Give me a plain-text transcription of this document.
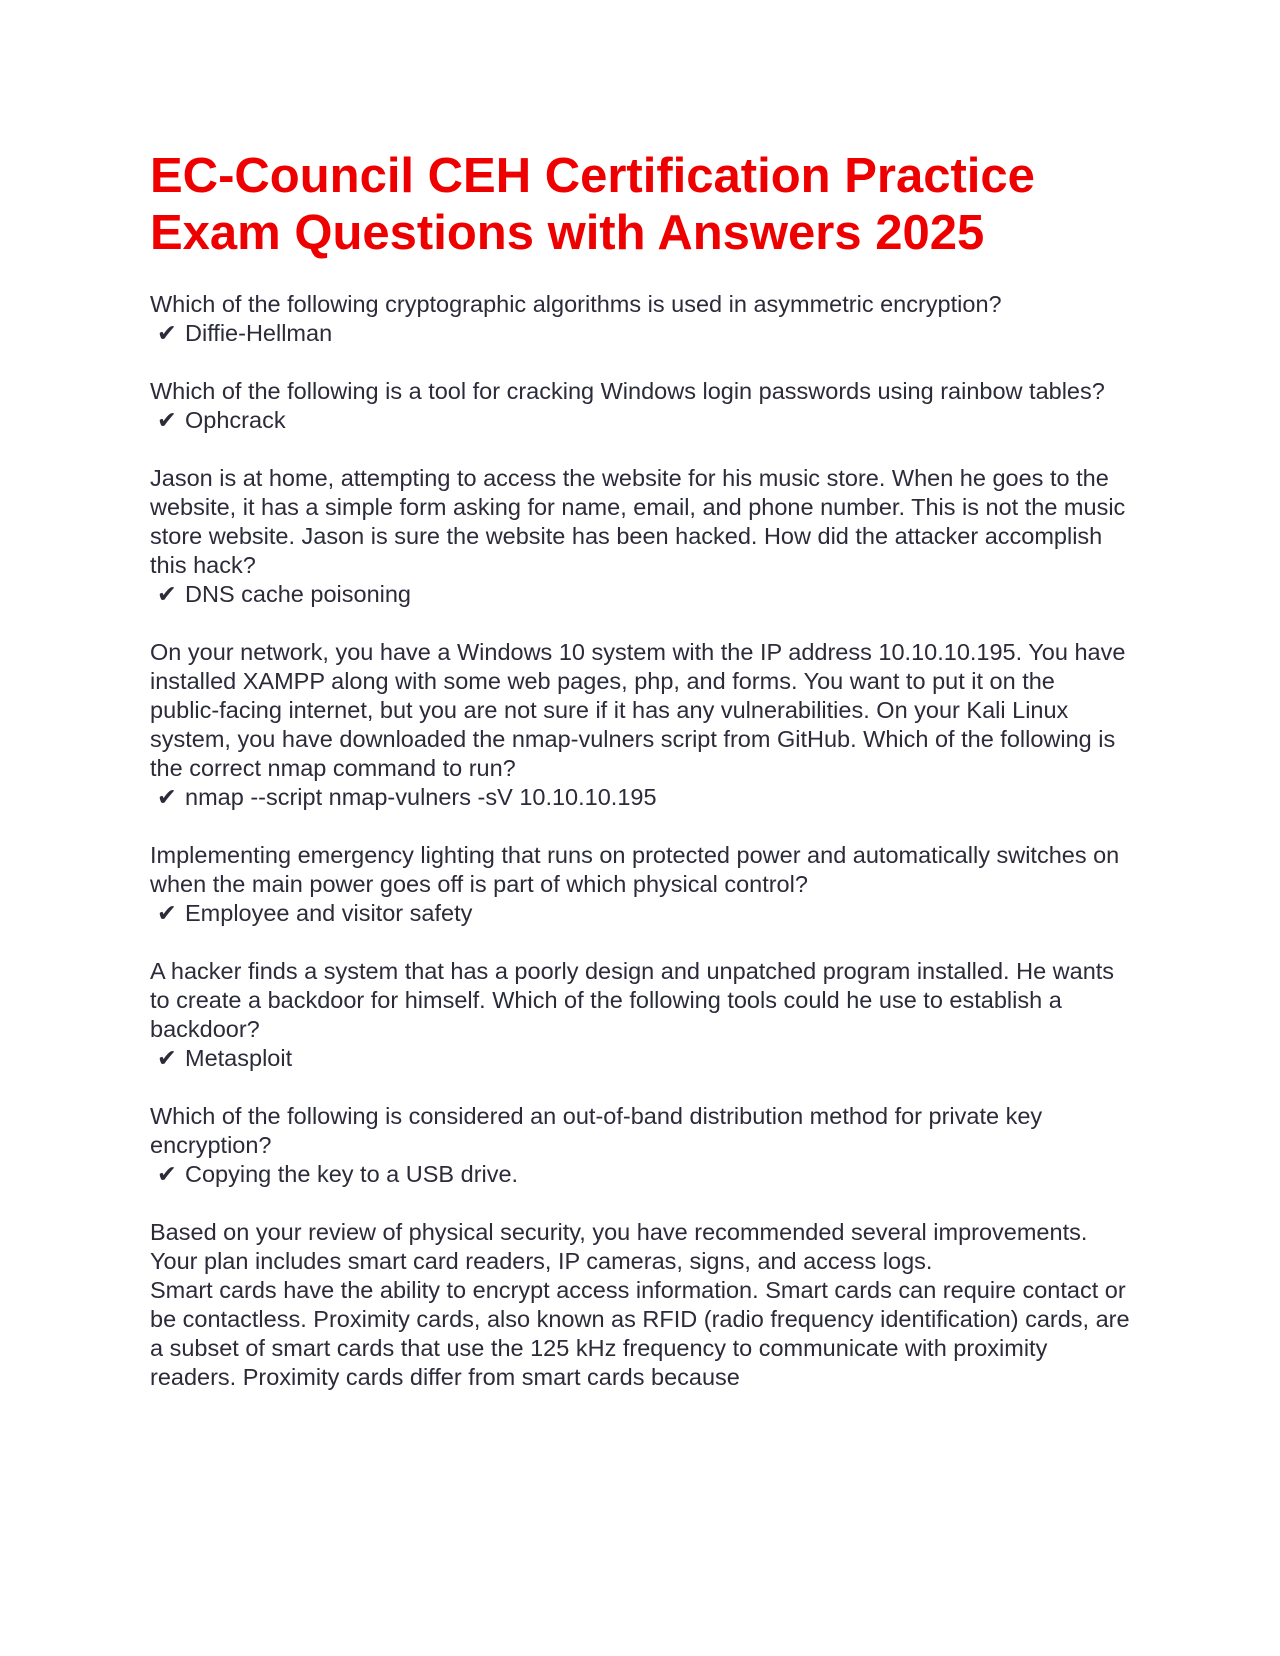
EC-Council CEH Certification Practice Exam Questions with Answers 2025

Which of the following cryptographic algorithms is used in asymmetric encryption?

✔ Diffie-Hellman

Which of the following is a tool for cracking Windows login passwords using rainbow tables?

✔ Ophcrack

Jason is at home, attempting to access the website for his music store. When he goes to the website, it has a simple form asking for name, email, and phone number. This is not the music store website. Jason is sure the website has been hacked. How did the attacker accomplish this hack?

✔ DNS cache poisoning

On your network, you have a Windows 10 system with the IP address 10.10.10.195. You have installed XAMPP along with some web pages, php, and forms. You want to put it on the public-facing internet, but you are not sure if it has any vulnerabilities. On your Kali Linux system, you have downloaded the nmap-vulners script from GitHub. Which of the following is the correct nmap command to run?

✔ nmap --script nmap-vulners -sV 10.10.10.195

Implementing emergency lighting that runs on protected power and automatically switches on when the main power goes off is part of which physical control?

✔ Employee and visitor safety

A hacker finds a system that has a poorly design and unpatched program installed. He wants to create a backdoor for himself. Which of the following tools could he use to establish a backdoor?

✔ Metasploit

Which of the following is considered an out-of-band distribution method for private key encryption?

✔ Copying the key to a USB drive.

Based on your review of physical security, you have recommended several improvements. Your plan includes smart card readers, IP cameras, signs, and access logs.

Smart cards have the ability to encrypt access information. Smart cards can require contact or be contactless. Proximity cards, also known as RFID (radio frequency identification) cards, are a subset of smart cards that use the 125 kHz frequency to communicate with proximity readers. Proximity cards differ from smart cards because
